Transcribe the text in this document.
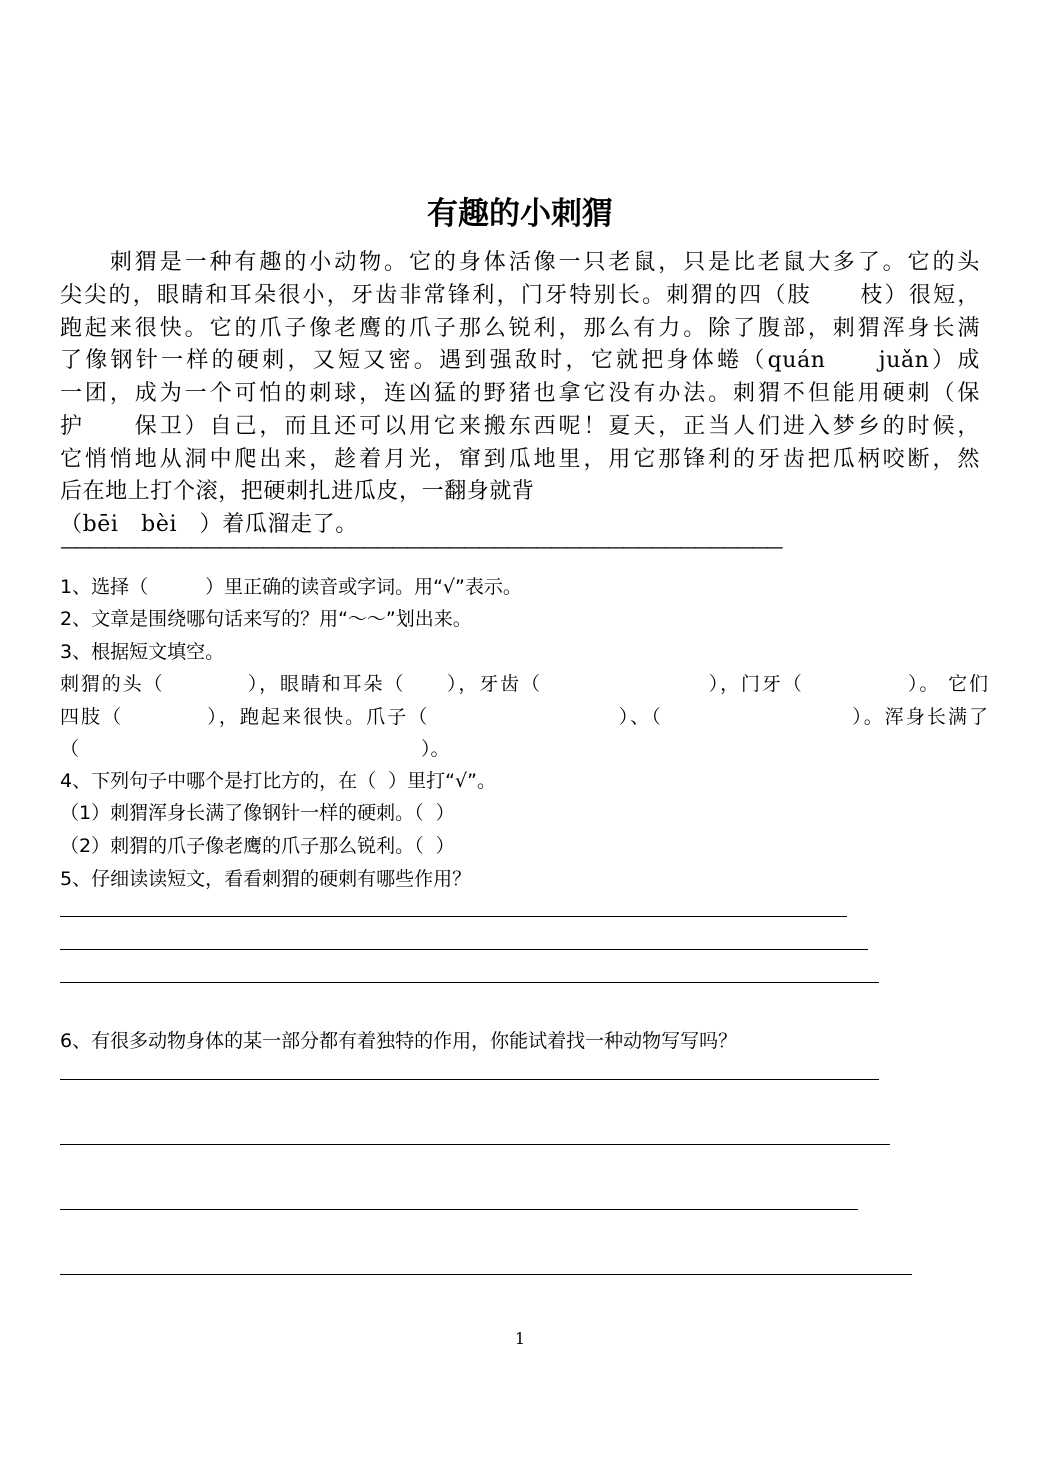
有趣的小刺猬
　　刺猬是一种有趣的小动物。它的身体活像一只老鼠，只是比老鼠大多了。它的头
尖尖的，眼睛和耳朵很小，牙齿非常锋利，门牙特别长。刺猬的四（肢　　枝）很短，
跑起来很快。它的爪子像老鹰的爪子那么锐利，那么有力。除了腹部，刺猬浑身长满
了像钢针一样的硬刺，又短又密。遇到强敌时，它就把身体蜷（quán　　juǎn）成
一团，成为一个可怕的刺球，连凶猛的野猪也拿它没有办法。刺猬不但能用硬刺（保
护　　保卫）自己，而且还可以用它来搬东西呢！夏天，正当人们进入梦乡的时候，
它悄悄地从洞中爬出来，趁着月光，窜到瓜地里，用它那锋利的牙齿把瓜柄咬断，然
后在地上打个滚，把硬刺扎进瓜皮，一翻身就背
（bēi　bèi　）着瓜溜走了。
——————————————————————————————————————————————————
1、选择（　　　）里正确的读音或字词。用“√”表示。
2、文章是围绕哪句话来写的？用“～～”划出来。
3、根据短文填空。
刺猬的头（　　　　），眼睛和耳朵（　　），牙齿（　　　　　　　　），门牙（　　　　　）。 它们
四肢（　　　　），跑起来很快。爪子（　　　　　　　　　）、（　　　　　　　　　）。浑身长满了
（　　　　　　　　　　　　　　　　　　）。
4、下列句子中哪个是打比方的，在（  ）里打“√”。
（1）刺猬浑身长满了像钢针一样的硬刺。（  ）
（2）刺猬的爪子像老鹰的爪子那么锐利。（  ）
5、仔细读读短文，看看刺猬的硬刺有哪些作用？
6、有很多动物身体的某一部分都有着独特的作用，你能试着找一种动物写写吗？
1
